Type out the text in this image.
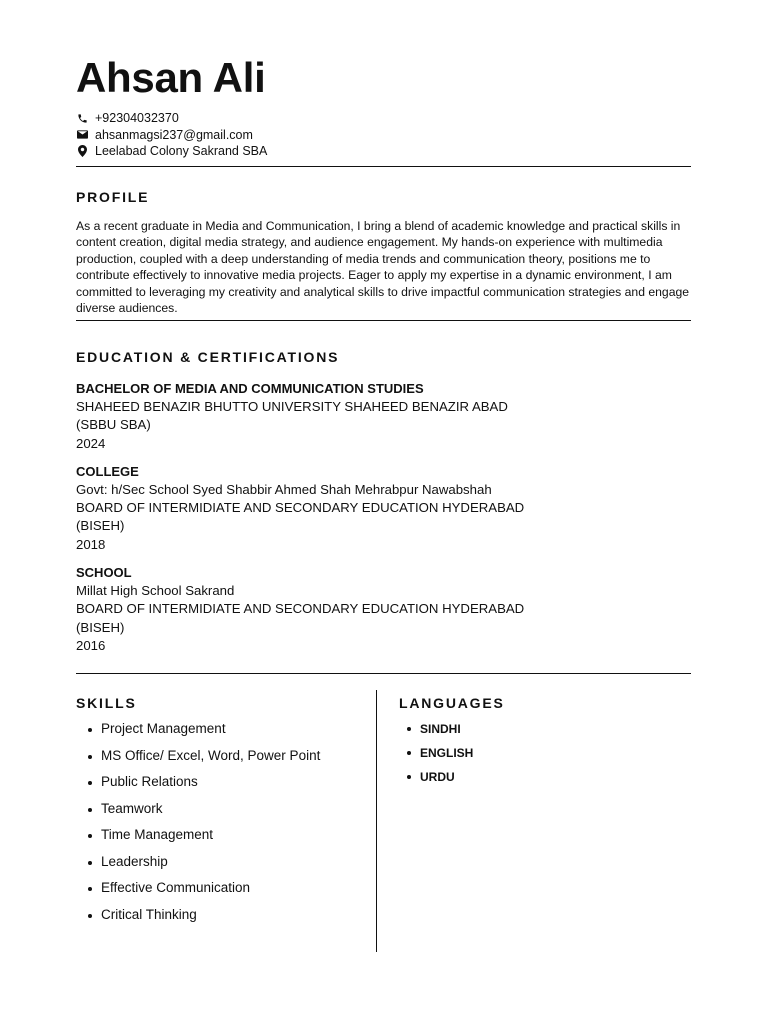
Ahsan Ali
+92304032370
ahsanmagsi237@gmail.com
Leelabad Colony Sakrand SBA
PROFILE

As a recent graduate in Media and Communication, I bring a blend of academic knowledge and practical skills in content creation, digital media strategy, and audience engagement. My hands-on experience with multimedia production, coupled with a deep understanding of media trends and communication theory, positions me to contribute effectively to innovative media projects. Eager to apply my expertise in a dynamic environment, I am committed to leveraging my creativity and analytical skills to drive impactful communication strategies and engage diverse audiences.

EDUCATION & CERTIFICATIONS
BACHELOR OF MEDIA AND COMMUNICATION STUDIES
SHAHEED BENAZIR BHUTTO UNIVERSITY SHAHEED BENAZIR ABAD
(SBBU SBA)
2024
COLLEGE
Govt: h/Sec School Syed Shabbir Ahmed Shah Mehrabpur Nawabshah
BOARD OF INTERMIDIATE AND SECONDARY EDUCATION HYDERABAD
(BISEH)
2018
SCHOOL
Millat High School Sakrand
BOARD OF INTERMIDIATE AND SECONDARY EDUCATION HYDERABAD
(BISEH)
2016
SKILLS
Project Management
MS Office/ Excel, Word, Power Point
Public Relations
Teamwork
Time Management
Leadership
Effective Communication
Critical Thinking
LANGUAGES
SINDHI
ENGLISH
URDU
